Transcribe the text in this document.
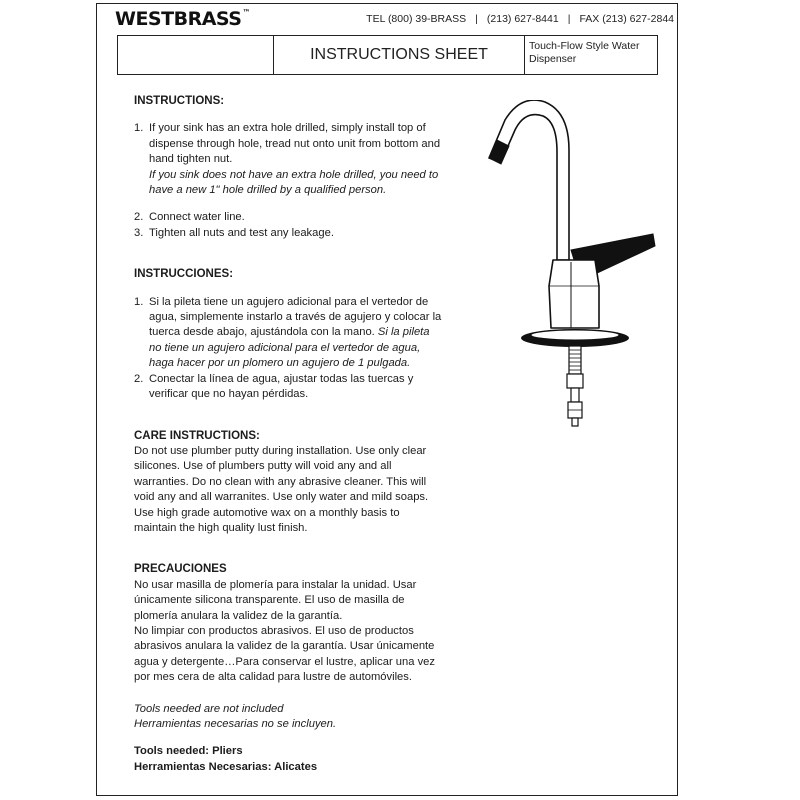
WESTBRASS™
TEL (800) 39-BRASS | (213) 627-8441 | FAX (213) 627-2844
INSTRUCTIONS SHEET	Touch-Flow Style Water
Dispenser

INSTRUCTIONS:

1. If your sink has an extra hole drilled, simply install top of dispense through hole, tread nut onto unit from bottom and hand tighten nut.
If you sink does not have an extra hole drilled, you need to have a new 1" hole drilled by a qualified person.
2. Connect water line.
3. Tighten all nuts and test any leakage.

INSTRUCCIONES:

1. Si la pileta tiene un agujero adicional para el vertedor de agua, simplemente instarlo a través de agujero y colocar la tuerca desde abajo, ajustándola con la mano. Si la pileta no tiene un agujero adicional para el vertedor de agua, haga hacer por un plomero un agujero de 1 pulgada.
2. Conectar la línea de agua, ajustar todas las tuercas y verificar que no hayan pérdidas.

CARE INSTRUCTIONS:

Do not use plumber putty during installation. Use only clear silicones. Use of plumbers putty will void any and all warranties. Do no clean with any abrasive cleaner. This will void any and all warranites. Use only water and mild soaps. Use high grade automotive wax on a monthly basis to maintain the high quality lust finish.

PRECAUCIONES

No usar masilla de plomería para instalar la unidad. Usar únicamente silicona transparente. El uso de masilla de plomería anulara la validez de la garantía.

No limpiar con productos abrasivos. El uso de productos abrasivos anulara la validez de la garantía. Usar únicamente agua y detergente…Para conservar el lustre, aplicar una vez por mes cera de alta calidad para lustre de automóviles.

Tools needed are not included

Herramientas necesarias no se incluyen.

Tools needed: Pliers

Herramientas Necesarias: Alicates
